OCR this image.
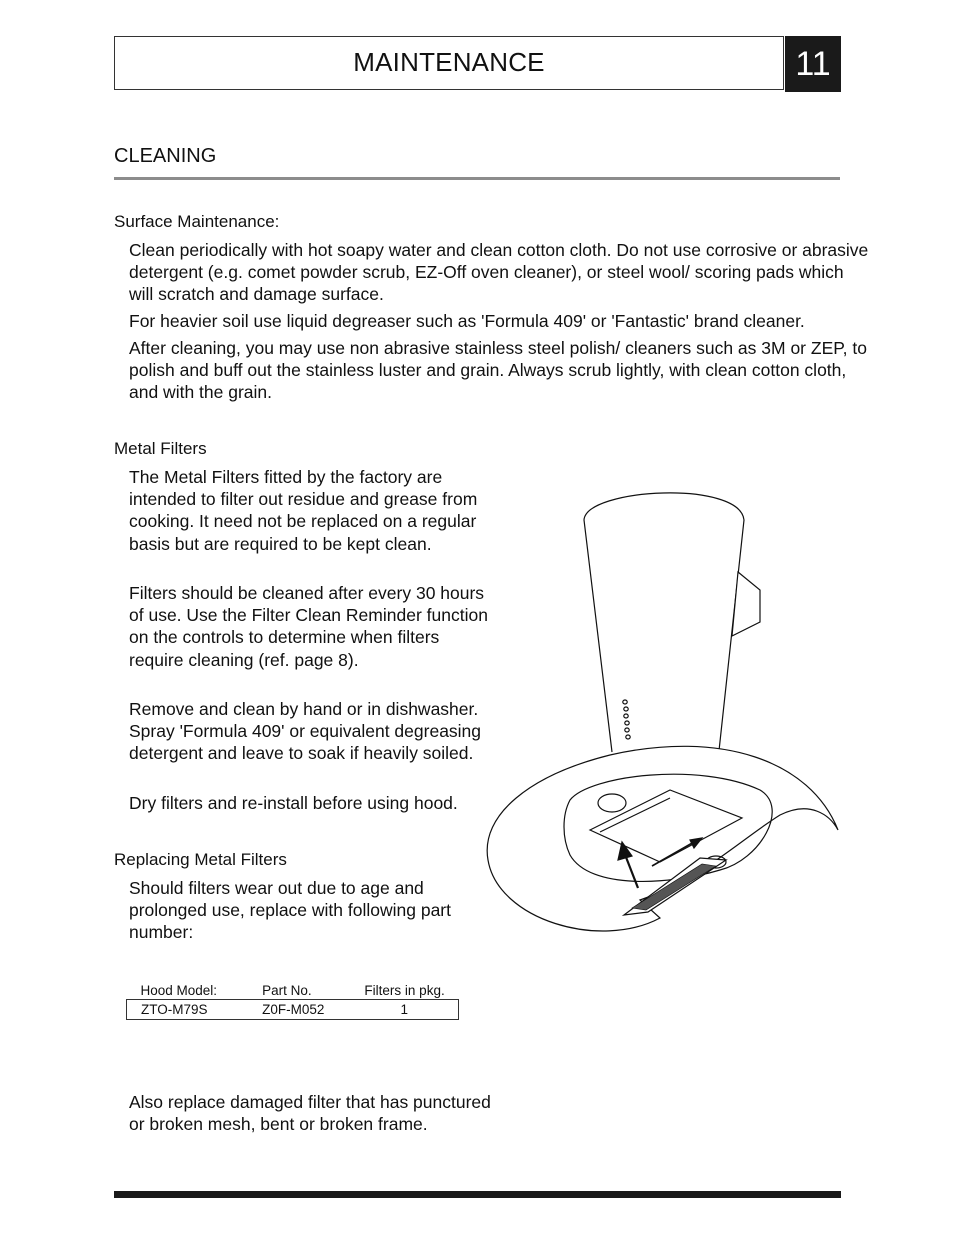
MAINTENANCE	11
CLEANING
Surface Maintenance:

Clean periodically with hot soapy water and clean cotton cloth. Do not use corrosive or abrasive detergent (e.g. comet powder scrub, EZ-Off oven cleaner), or steel wool/ scoring pads which will scratch and damage surface.

For heavier soil use liquid degreaser such as 'Formula 409' or 'Fantastic' brand cleaner.

After cleaning, you may use non abrasive stainless steel polish/ cleaners such as 3M or ZEP, to polish and buff out the stainless luster and grain. Always scrub lightly, with clean cotton cloth, and with the grain.

Metal Filters

The Metal Filters fitted by the factory are intended to filter out residue and grease from cooking. It need not be replaced on a regular basis but are required to be kept clean.

Filters should be cleaned after every 30 hours of use. Use the Filter Clean Reminder function on the controls to determine when filters require cleaning (ref. page 8).

Remove and clean by hand or in dishwasher. Spray 'Formula 409' or equivalent degreasing detergent and leave to soak if heavily soiled.

Dry filters and re-install before using hood.

Replacing Metal Filters

Should filters wear out due to age and prolonged use, replace with following part number:

Hood Model:	Part No.	Filters in pkg.
ZTO-M79S	Z0F-M052	1

Also replace damaged filter that has punctured or broken mesh, bent or broken frame.
